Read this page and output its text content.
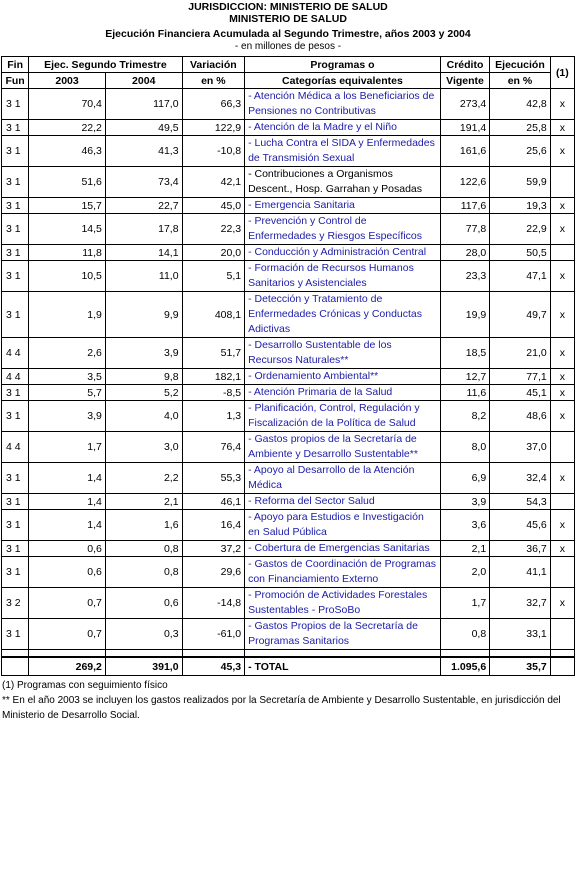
JURISDICCION: MINISTERIO DE SALUD
MINISTERIO DE SALUD
Ejecución Financiera Acumulada al Segundo Trimestre, años 2003 y 2004
- en millones de pesos -
Fin	Ejec. Segundo Trimestre		Variación	Programas o	Crédito	Ejecución	(1)
Fun	2003	2004	en %	Categorías equivalentes	Vigente	en %	
3 1	70,4	117,0	66,3	- Atención Médica a los Beneficiarios de Pensiones no Contributivas	273,4	42,8	x
3 1	22,2	49,5	122,9	- Atención de la Madre y el Niño	191,4	25,8	x
3 1	46,3	41,3	-10,8	- Lucha Contra el SIDA y Enfermedades de Transmisión Sexual	161,6	25,6	x
3 1	51,6	73,4	42,1	- Contribuciones a Organismos Descent., Hosp. Garrahan y Posadas	122,6	59,9	
3 1	15,7	22,7	45,0	- Emergencia Sanitaria	117,6	19,3	x
3 1	14,5	17,8	22,3	- Prevención y Control de Enfermedades y Riesgos Específicos	77,8	22,9	x
3 1	11,8	14,1	20,0	- Conducción y Administración Central	28,0	50,5	
3 1	10,5	11,0	5,1	- Formación de Recursos Humanos Sanitarios y Asistenciales	23,3	47,1	x
3 1	1,9	9,9	408,1	- Detección y Tratamiento de Enfermedades Crónicas y Conductas Adictivas	19,9	49,7	x
4 4	2,6	3,9	51,7	- Desarrollo Sustentable de los Recursos Naturales**	18,5	21,0	x
4 4	3,5	9,8	182,1	- Ordenamiento Ambiental**	12,7	77,1	x
3 1	5,7	5,2	-8,5	- Atención Primaria de la Salud	11,6	45,1	x
3 1	3,9	4,0	1,3	- Planificación, Control, Regulación y Fiscalización de la Política de Salud	8,2	48,6	x
4 4	1,7	3,0	76,4	- Gastos propios de la Secretaría de Ambiente y Desarrollo Sustentable**	8,0	37,0	
3 1	1,4	2,2	55,3	- Apoyo al Desarrollo de la Atención Médica	6,9	32,4	x
3 1	1,4	2,1	46,1	- Reforma del Sector Salud	3,9	54,3	
3 1	1,4	1,6	16,4	- Apoyo para Estudios e Investigación en Salud Pública	3,6	45,6	x
3 1	0,6	0,8	37,2	- Cobertura de Emergencias Sanitarias	2,1	36,7	x
3 1	0,6	0,8	29,6	- Gastos de Coordinación de Programas con Financiamiento Externo	2,0	41,1	
3 2	0,7	0,6	-14,8	- Promoción de Actividades Forestales Sustentables - ProSoBo	1,7	32,7	x
3 1	0,7	0,3	-61,0	- Gastos Propios de la Secretaría de Programas Sanitarios	0,8	33,1	

	269,2	391,0	45,3	- TOTAL	1.095,6	35,7	
(1) Programas con seguimiento físico
** En el año 2003 se incluyen los gastos realizados por la Secretaría de Ambiente y Desarrollo Sustentable, en jurisdicción del Ministerio de Desarrollo Social.
